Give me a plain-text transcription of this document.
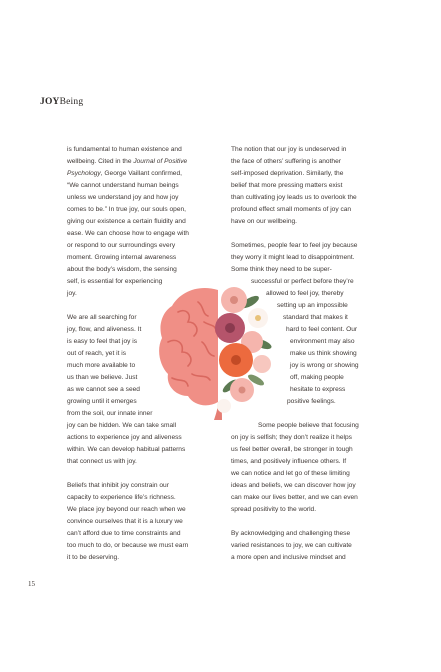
JOYBeing
is fundamental to human existence and
wellbeing. Cited in the Journal of Positive
Psychology, George Vaillant confirmed,
“We cannot understand human beings
unless we understand joy and how joy
comes to be.” In true joy, our souls open,
giving our existence a certain fluidity and
ease. We can choose how to engage with
or respond to our surroundings every
moment. Growing internal awareness
about the body’s wisdom, the sensing
self, is essential for experiencing
joy.
We are all searching for
joy, flow, and aliveness. It
is easy to feel that joy is
out of reach, yet it is
much more available to
us than we believe. Just
as we cannot see a seed
growing until it emerges
from the soil, our innate inner
joy can be hidden. We can take small
actions to experience joy and aliveness
within. We can develop habitual patterns
that connect us with joy.
Beliefs that inhibit joy constrain our
capacity to experience life’s richness.
We place joy beyond our reach when we
convince ourselves that it is a luxury we
can’t afford due to time constraints and
too much to do, or because we must earn
it to be deserving.
The notion that our joy is undeserved in
the face of others’ suffering is another
self-imposed deprivation. Similarly, the
belief that more pressing matters exist
than cultivating joy leads us to overlook the
profound effect small moments of joy can
have on our wellbeing.
Sometimes, people fear to feel joy because
they worry it might lead to disappointment.
Some think they need to be super-
successful or perfect before they’re
allowed to feel joy, thereby
setting up an impossible
standard that makes it
hard to feel content. Our
environment may also
make us think showing
joy is wrong or showing
off, making people
hesitate to express
positive feelings.
Some people believe that focusing
on joy is selfish; they don’t realize it helps
us feel better overall, be stronger in tough
times, and positively influence others. If
we can notice and let go of these limiting
ideas and beliefs, we can discover how joy
can make our lives better, and we can even
spread positivity to the world.
By acknowledging and challenging these
varied resistances to joy, we can cultivate
a more open and inclusive mindset and
15
